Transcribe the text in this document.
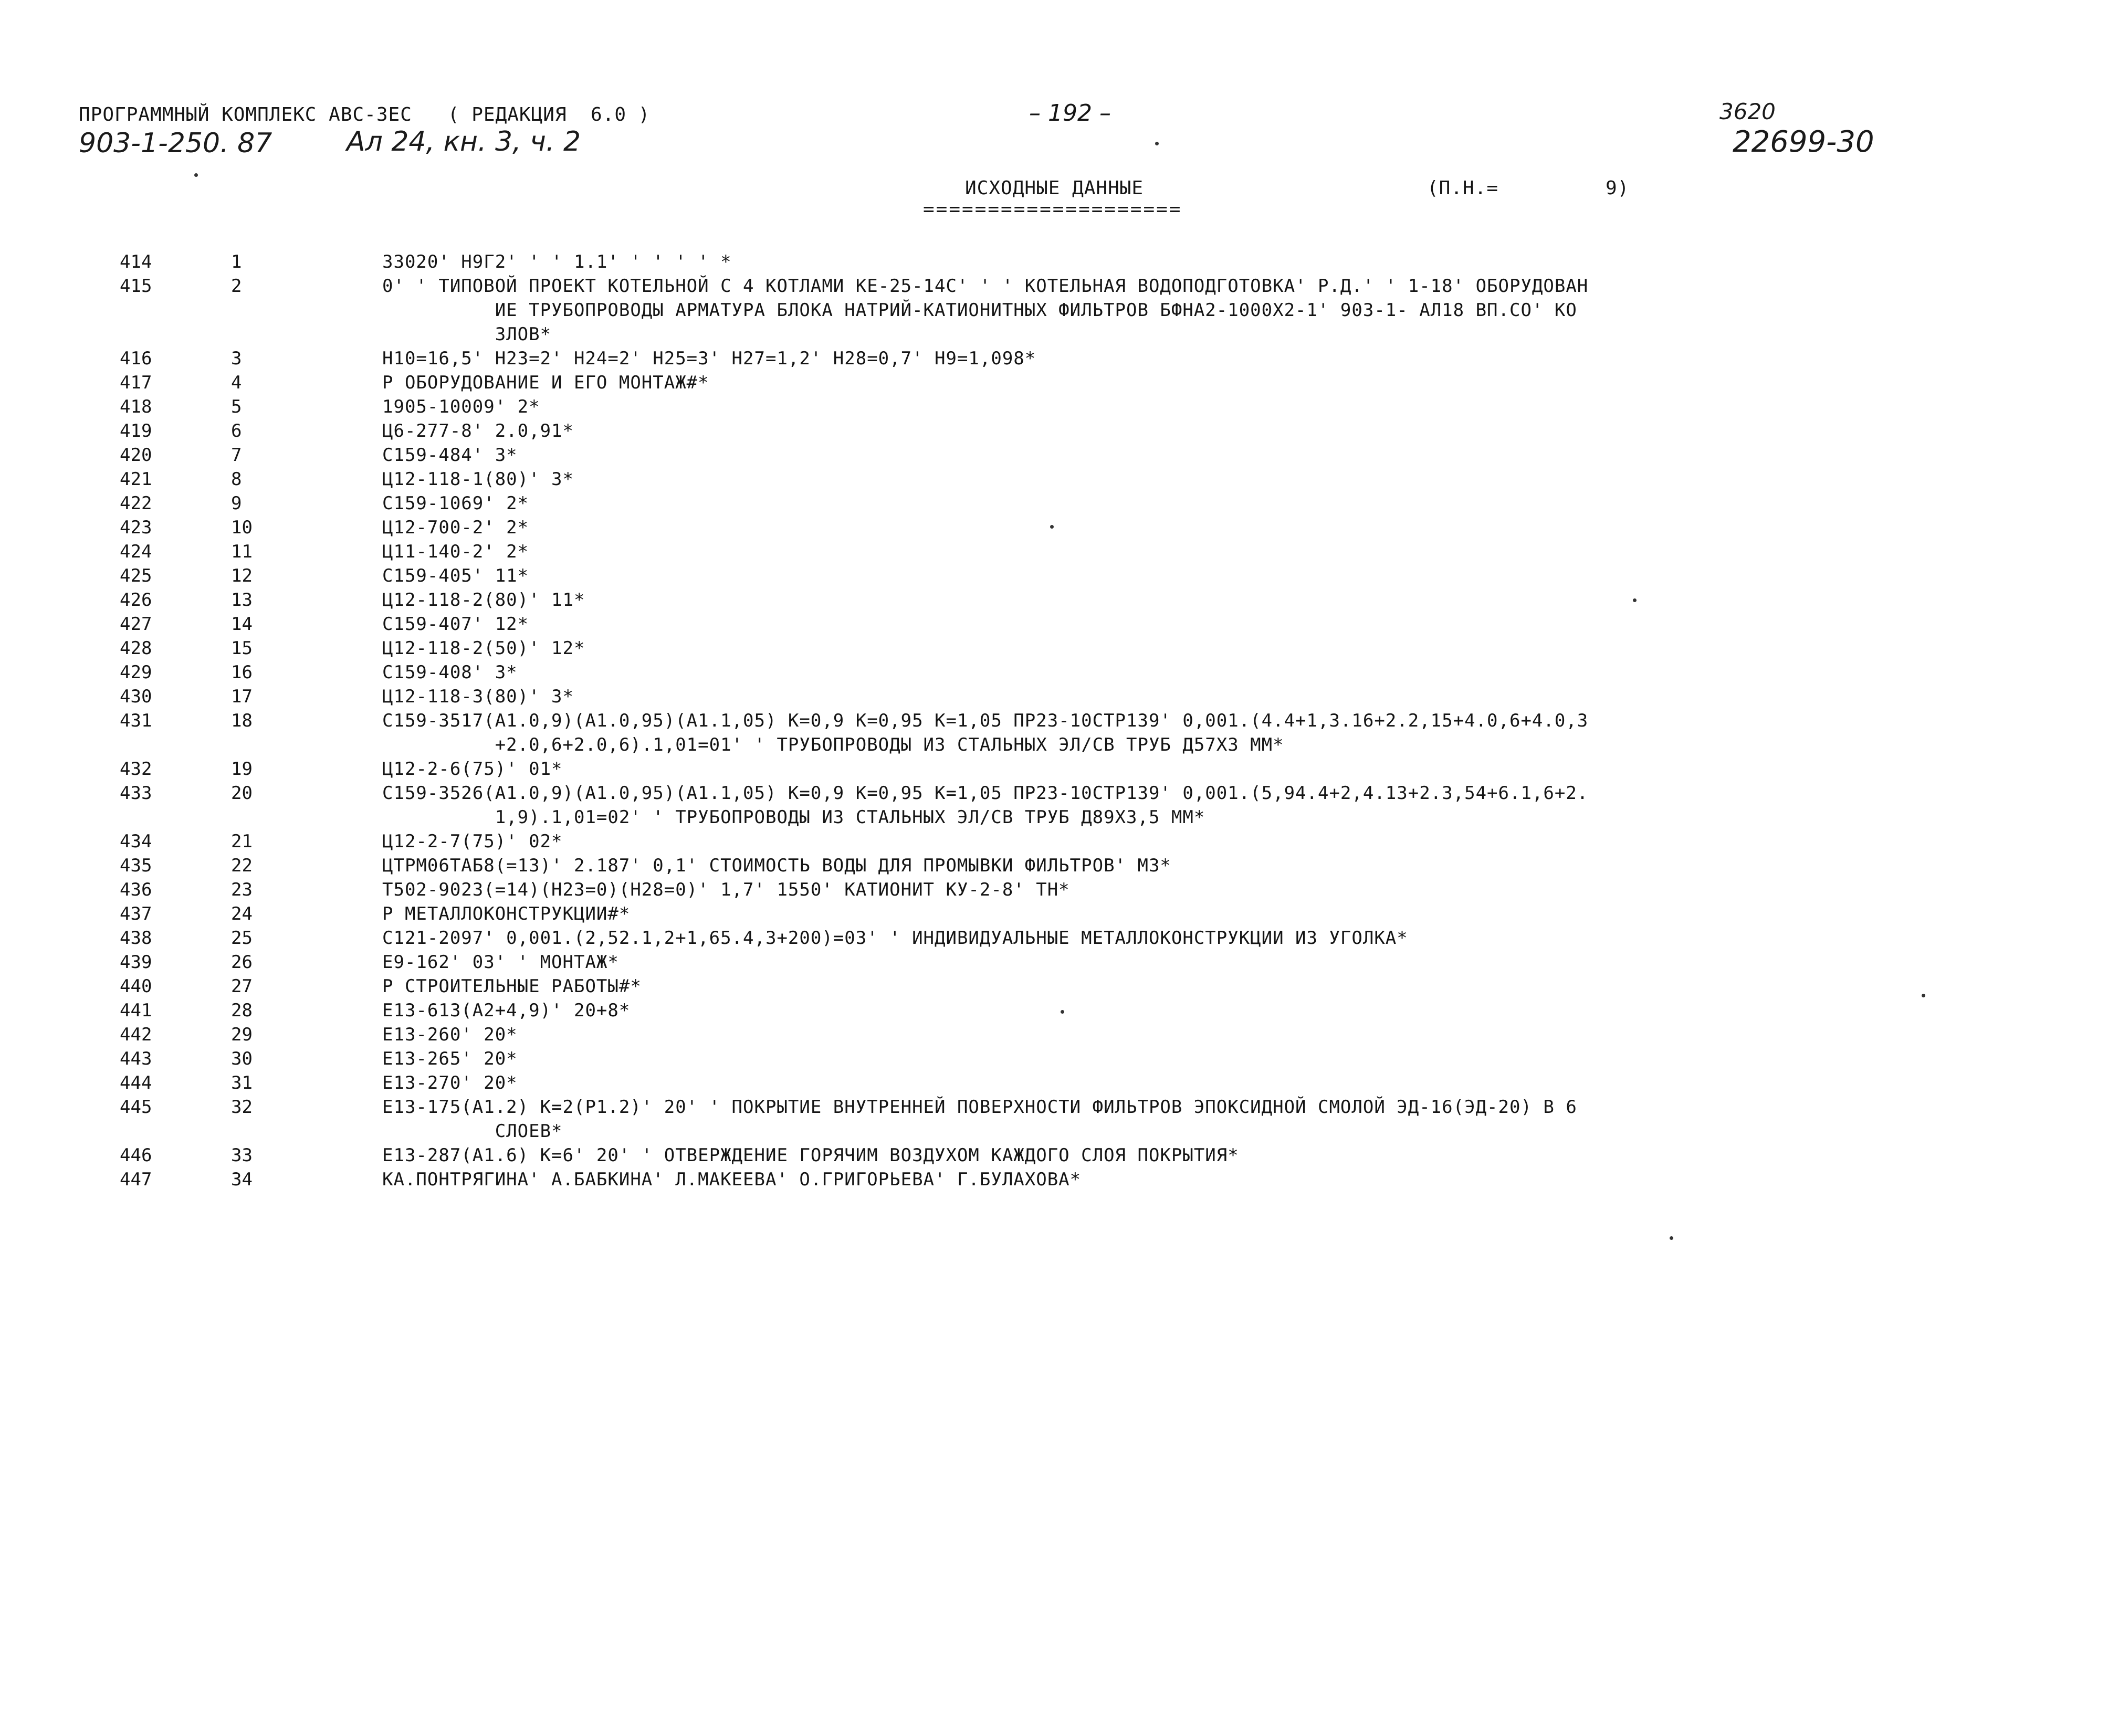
ПРОГРАММНЫЙ КОМПЛЕКС АВС-ЗЕС   ( РЕДАКЦИЯ  6.0 )	– 192 –	3620
903-1-250. 87	Ал 24, кн. 3, ч. 2	22699-30
ИСХОДНЫЕ ДАННЫЕ	(П.Н.=	9)
====================
414	1	33020' Н9Г2' ' ' 1.1' ' ' ' ' *
415	2	0' ' ТИПОВОЙ ПРОЕКТ КОТЕЛЬНОЙ С 4 КОТЛАМИ КЕ-25-14С' ' ' КОТЕЛЬНАЯ ВОДОПОДГОТОВКА' Р.Д.' ' 1-18' ОБОРУДОВАН
ИЕ ТРУБОПРОВОДЫ АРМАТУРА БЛОКА НАТРИЙ-КАТИОНИТНЫХ ФИЛЬТРОВ БФНА2-1000Х2-1' 903-1- АЛ18 ВП.СО' КО
ЗЛОВ*
416	3	Н10=16,5' Н23=2' Н24=2' Н25=3' Н27=1,2' Н28=0,7' Н9=1,098*
417	4	Р ОБОРУДОВАНИЕ И ЕГО МОНТАЖ#*
418	5	1905-10009' 2*
419	6	Ц6-277-8' 2.0,91*
420	7	С159-484' 3*
421	8	Ц12-118-1(80)' 3*
422	9	С159-1069' 2*
423	10	Ц12-700-2' 2*
424	11	Ц11-140-2' 2*
425	12	С159-405' 11*
426	13	Ц12-118-2(80)' 11*
427	14	С159-407' 12*
428	15	Ц12-118-2(50)' 12*
429	16	С159-408' 3*
430	17	Ц12-118-3(80)' 3*
431	18	С159-3517(А1.0,9)(А1.0,95)(А1.1,05) К=0,9 К=0,95 К=1,05 ПР23-10СТР139' 0,001.(4.4+1,3.16+2.2,15+4.0,6+4.0,3
+2.0,6+2.0,6).1,01=01' ' ТРУБОПРОВОДЫ ИЗ СТАЛЬНЫХ ЭЛ/СВ ТРУБ Д57Х3 ММ*
432	19	Ц12-2-6(75)' 01*
433	20	С159-3526(А1.0,9)(А1.0,95)(А1.1,05) К=0,9 К=0,95 К=1,05 ПР23-10СТР139' 0,001.(5,94.4+2,4.13+2.3,54+6.1,6+2.
1,9).1,01=02' ' ТРУБОПРОВОДЫ ИЗ СТАЛЬНЫХ ЭЛ/СВ ТРУБ Д89Х3,5 ММ*
434	21	Ц12-2-7(75)' 02*
435	22	ЦТРМ06ТАБ8(=13)' 2.187' 0,1' СТОИМОСТЬ ВОДЫ ДЛЯ ПРОМЫВКИ ФИЛЬТРОВ' М3*
436	23	Т502-9023(=14)(Н23=0)(Н28=0)' 1,7' 1550' КАТИОНИТ КУ-2-8' ТН*
437	24	Р МЕТАЛЛОКОНСТРУКЦИИ#*
438	25	С121-2097' 0,001.(2,52.1,2+1,65.4,3+200)=03' ' ИНДИВИДУАЛЬНЫЕ МЕТАЛЛОКОНСТРУКЦИИ ИЗ УГОЛКА*
439	26	Е9-162' 03' ' МОНТАЖ*
440	27	Р СТРОИТЕЛЬНЫЕ РАБОТЫ#*
441	28	Е13-613(А2+4,9)' 20+8*
442	29	Е13-260' 20*
443	30	Е13-265' 20*
444	31	Е13-270' 20*
445	32	Е13-175(А1.2) К=2(Р1.2)' 20' ' ПОКРЫТИЕ ВНУТРЕННЕЙ ПОВЕРХНОСТИ ФИЛЬТРОВ ЭПОКСИДНОЙ СМОЛОЙ ЭД-16(ЭД-20) В 6
СЛОЕВ*
446	33	Е13-287(А1.6) К=6' 20' ' ОТВЕРЖДЕНИЕ ГОРЯЧИМ ВОЗДУХОМ КАЖДОГО СЛОЯ ПОКРЫТИЯ*
447	34	КА.ПОНТРЯГИНА' А.БАБКИНА' Л.МАКЕЕВА' О.ГРИГОРЬЕВА' Г.БУЛАХОВА*
